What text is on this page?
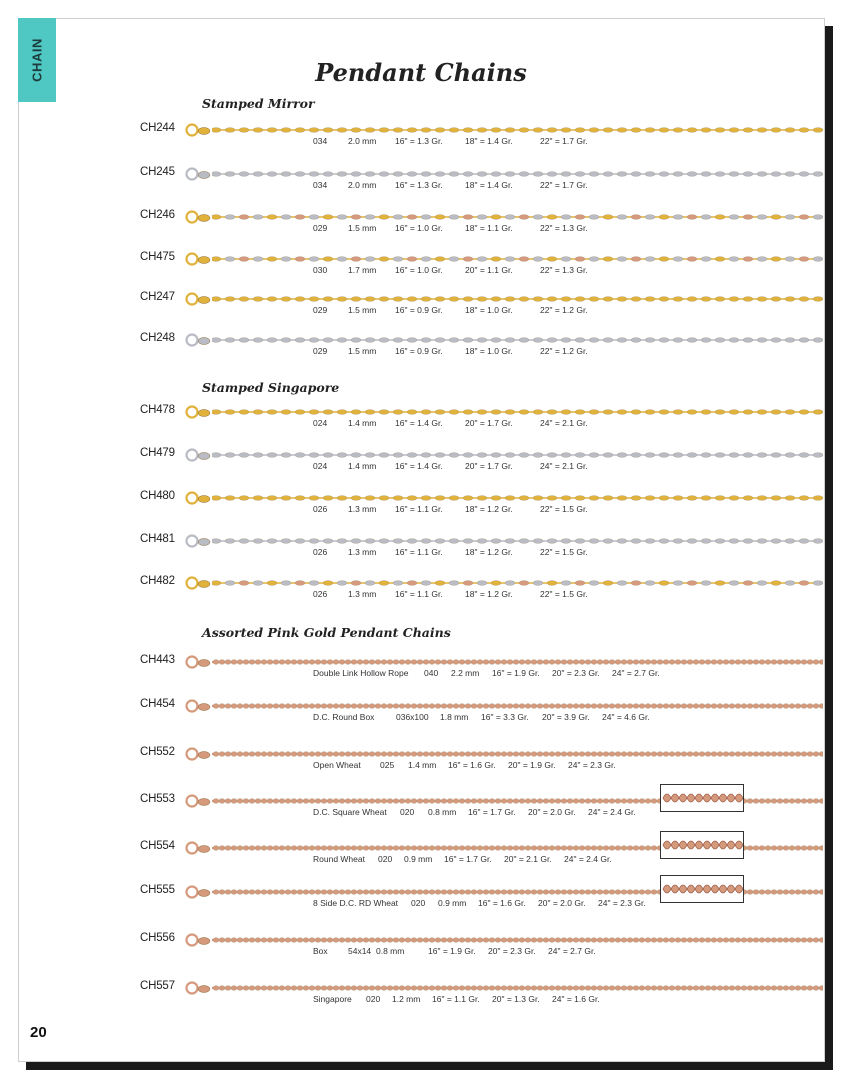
CHAIN	Pendant Chains
Stamped Mirror
Stamped Singapore
Assorted Pink Gold Pendant Chains
CH244
034 2.0 mm 16" = 1.3 Gr.	18" = 1.4 Gr.	22" = 1.7 Gr.
CH245
034 2.0 mm 16" = 1.3 Gr.	18" = 1.4 Gr.	22" = 1.7 Gr.
CH246
029 1.5 mm 16" = 1.0 Gr.	18" = 1.1 Gr.	22" = 1.3 Gr.
CH475
030 1.7 mm 16" = 1.0 Gr.	20" = 1.1 Gr.	22" = 1.3 Gr.
CH247
029 1.5 mm 16" = 0.9 Gr.	18" = 1.0 Gr.	22" = 1.2 Gr.
CH248
029 1.5 mm 16" = 0.9 Gr.	18" = 1.0 Gr.	22" = 1.2 Gr.
CH478
024 1.4 mm 16" = 1.4 Gr.	20" = 1.7 Gr.	24" = 2.1 Gr.
CH479
024 1.4 mm 16" = 1.4 Gr.	20" = 1.7 Gr.	24" = 2.1 Gr.
CH480
026 1.3 mm 16" = 1.1 Gr.	18" = 1.2 Gr.	22" = 1.5 Gr.
CH481
026 1.3 mm 16" = 1.1 Gr.	18" = 1.2 Gr.	22" = 1.5 Gr.
CH482
026 1.3 mm 16" = 1.1 Gr.	18" = 1.2 Gr.	22" = 1.5 Gr.
CH443
Double Link Hollow Rope 040 2.2 mm 16" = 1.9 Gr. 20" = 2.3 Gr. 24" = 2.7 Gr.
CH454
D.C. Round Box	036x100 1.8 mm 16" = 3.3 Gr. 20" = 3.9 Gr. 24" = 4.6 Gr.
CH552
Open Wheat 025 1.4 mm 16" = 1.6 Gr. 20" = 1.9 Gr. 24" = 2.3 Gr.
CH553
D.C. Square Wheat 020 0.8 mm 16" = 1.7 Gr. 20" = 2.0 Gr. 24" = 2.4 Gr.
CH554
Round Wheat 020 0.9 mm 16" = 1.7 Gr. 20" = 2.1 Gr. 24" = 2.4 Gr.
CH555
8 Side D.C. RD Wheat 020 0.9 mm 16" = 1.6 Gr. 20" = 2.0 Gr. 24" = 2.3 Gr.
CH556
Box 54x14 0.8 mm	16" = 1.9 Gr. 20" = 2.3 Gr. 24" = 2.7 Gr.
CH557
Singapore 020 1.2 mm 16" = 1.1 Gr. 20" = 1.3 Gr. 24" = 1.6 Gr.
20
